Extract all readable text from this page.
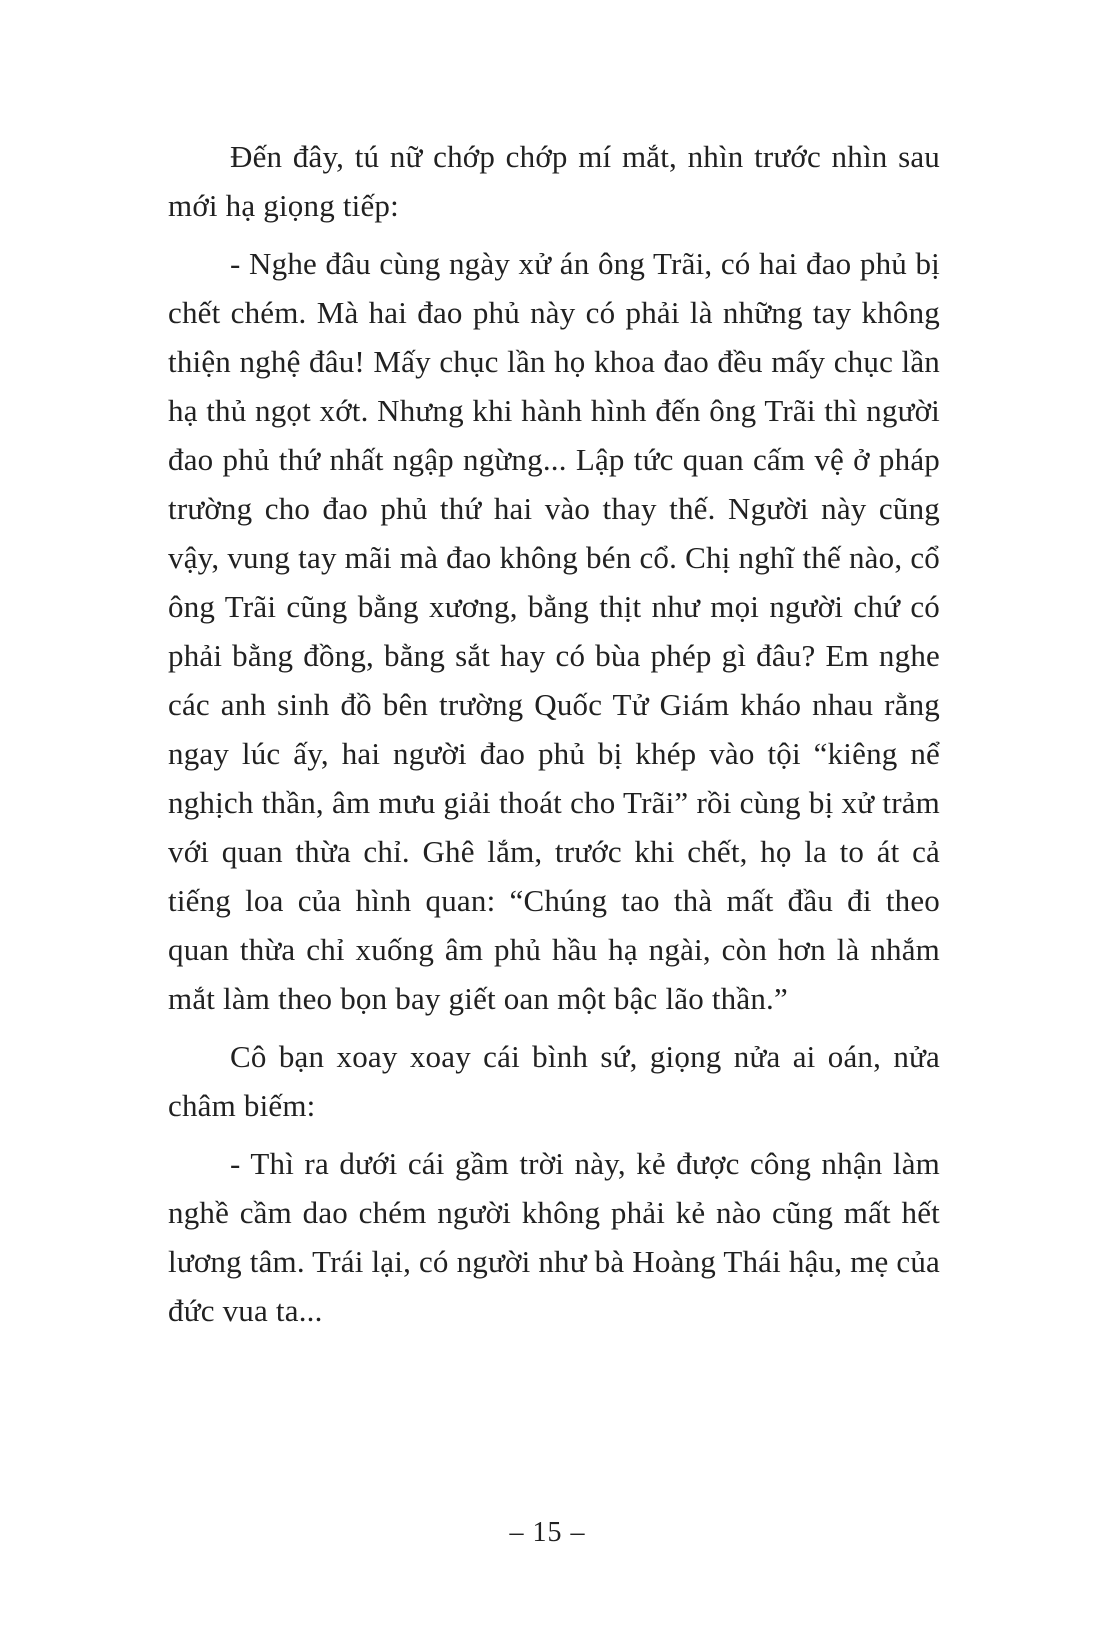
Đến đây, tú nữ chớp chớp mí mắt, nhìn trước nhìn sau mới hạ giọng tiếp:

- Nghe đâu cùng ngày xử án ông Trãi, có hai đao phủ bị chết chém. Mà hai đao phủ này có phải là những tay không thiện nghệ đâu! Mấy chục lần họ khoa đao đều mấy chục lần hạ thủ ngọt xớt. Nhưng khi hành hình đến ông Trãi thì người đao phủ thứ nhất ngập ngừng... Lập tức quan cấm vệ ở pháp trường cho đao phủ thứ hai vào thay thế. Người này cũng vậy, vung tay mãi mà đao không bén cổ. Chị nghĩ thế nào, cổ ông Trãi cũng bằng xương, bằng thịt như mọi người chứ có phải bằng đồng, bằng sắt hay có bùa phép gì đâu? Em nghe các anh sinh đồ bên trường Quốc Tử Giám kháo nhau rằng ngay lúc ấy, hai người đao phủ bị khép vào tội “kiêng nể nghịch thần, âm mưu giải thoát cho Trãi” rồi cùng bị xử trảm với quan thừa chỉ. Ghê lắm, trước khi chết, họ la to át cả tiếng loa của hình quan: “Chúng tao thà mất đầu đi theo quan thừa chỉ xuống âm phủ hầu hạ ngài, còn hơn là nhắm mắt làm theo bọn bay giết oan một bậc lão thần.”

Cô bạn xoay xoay cái bình sứ, giọng nửa ai oán, nửa châm biếm:

- Thì ra dưới cái gầm trời này, kẻ được công nhận làm nghề cầm dao chém người không phải kẻ nào cũng mất hết lương tâm. Trái lại, có người như bà Hoàng Thái hậu, mẹ của đức vua ta...

– 15 –
